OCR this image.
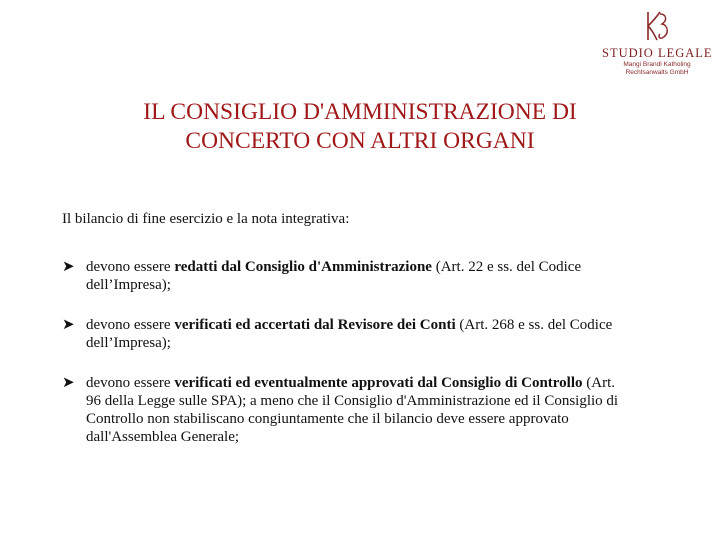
STUDIO LEGALE
Mangi Brandl Katholing
Rechtsanwalts GmbH
IL CONSIGLIO D'AMMINISTRAZIONE DI
CONCERTO CON ALTRI ORGANI
Il bilancio di fine esercizio e la nota integrativa:
➤ devono essere redatti dal Consiglio d'Amministrazione (Art. 22 e ss. del Codice dell’Impresa);
➤ devono essere verificati ed accertati dal Revisore dei Conti (Art. 268 e ss. del Codice dell’Impresa);
➤ devono essere verificati ed eventualmente approvati dal Consiglio di Controllo (Art. 96 della Legge sulle SPA); a meno che il Consiglio d'Amministrazione ed il Consiglio di Controllo non stabiliscano congiuntamente che il bilancio deve essere approvato dall'Assemblea Generale;
